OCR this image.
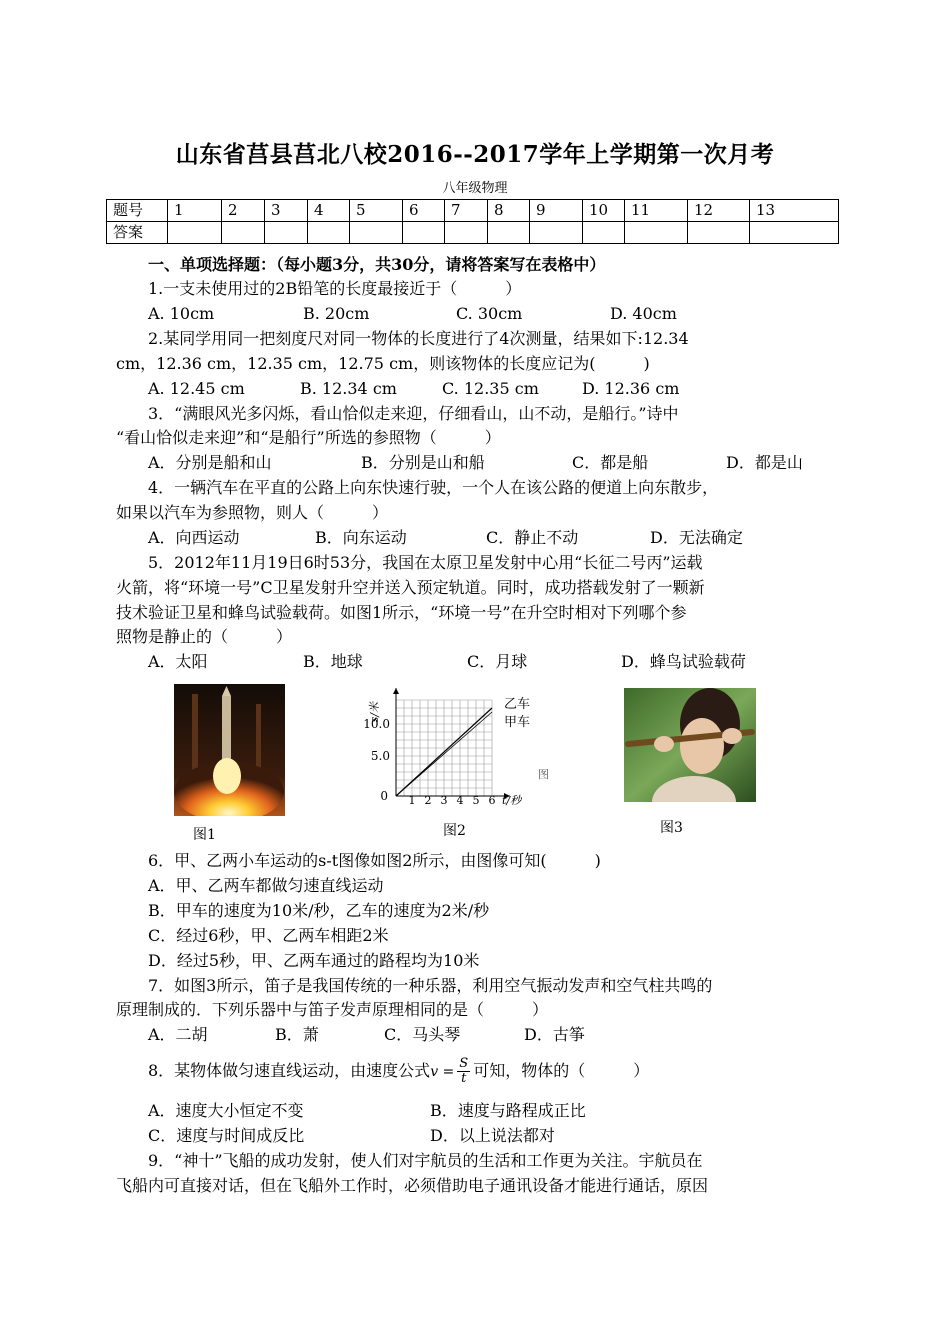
山东省莒县莒北八校2016--2017学年上学期第一次月考
八年级物理
题号	1	2	3	4	5	6	7	8	9	10	11	12	13
答案													
一、单项选择题：（每小题3分，共30分，请将答案写在表格中）
1.一支未使用过的2B铅笔的长度最接近于（　　　）
A. 10cm	B. 20cm	C. 30cm	D. 40cm
2.某同学用同一把刻度尺对同一物体的长度进行了4次测量，结果如下:12.34
cm，12.36 cm，12.35 cm，12.75 cm，则该物体的长度应记为(　　　)
A. 12.45 cm	B. 12.34 cm	C. 12.35 cm	D. 12.36 cm
3．“满眼风光多闪烁，看山恰似走来迎，仔细看山，山不动，是船行。”诗中
“看山恰似走来迎”和“是船行”所选的参照物（　　　）
A．分别是船和山	B．分别是山和船	C．都是船	D．都是山
4．一辆汽车在平直的公路上向东快速行驶，一个人在该公路的便道上向东散步，
如果以汽车为参照物，则人（　　　）
A．向西运动	B．向东运动	C．静止不动	D．无法确定
5．2012年11月19日6时53分，我国在太原卫星发射中心用“长征二号丙”运载
火箭，将“环境一号”C卫星发射升空并送入预定轨道。同时，成功搭载发射了一颗新
技术验证卫星和蜂鸟试验载荷。如图1所示，“环境一号”在升空时相对下列哪个参
照物是静止的（　　　）
A．太阳	B．地球	C．月球	D．蜂鸟试验载荷
图1
s/米
10.0
5.0
0 1 2 3 4 5 6 t/秒
乙车
甲车
图
图2	图3
6．甲、乙两小车运动的s-t图像如图2所示，由图像可知(　　　)
A．甲、乙两车都做匀速直线运动
B．甲车的速度为10米/秒，乙车的速度为2米/秒
C．经过6秒，甲、乙两车相距2米
D．经过5秒，甲、乙两车通过的路程均为10米
7．如图3所示，笛子是我国传统的一种乐器，利用空气振动发声和空气柱共鸣的
原理制成的．下列乐器中与笛子发声原理相同的是（　　　）
A．二胡	B．萧	C．马头琴	D．古筝
8．某物体做匀速直线运动，由速度公式$v = \frac{S}{t}$ 可知，物体的（　　　）
A．速度大小恒定不变	B．速度与路程成正比
C．速度与时间成反比	D．以上说法都对
9．“神十”飞船的成功发射，使人们对宇航员的生活和工作更为关注。宇航员在
飞船内可直接对话，但在飞船外工作时，必须借助电子通讯设备才能进行通话，原因
